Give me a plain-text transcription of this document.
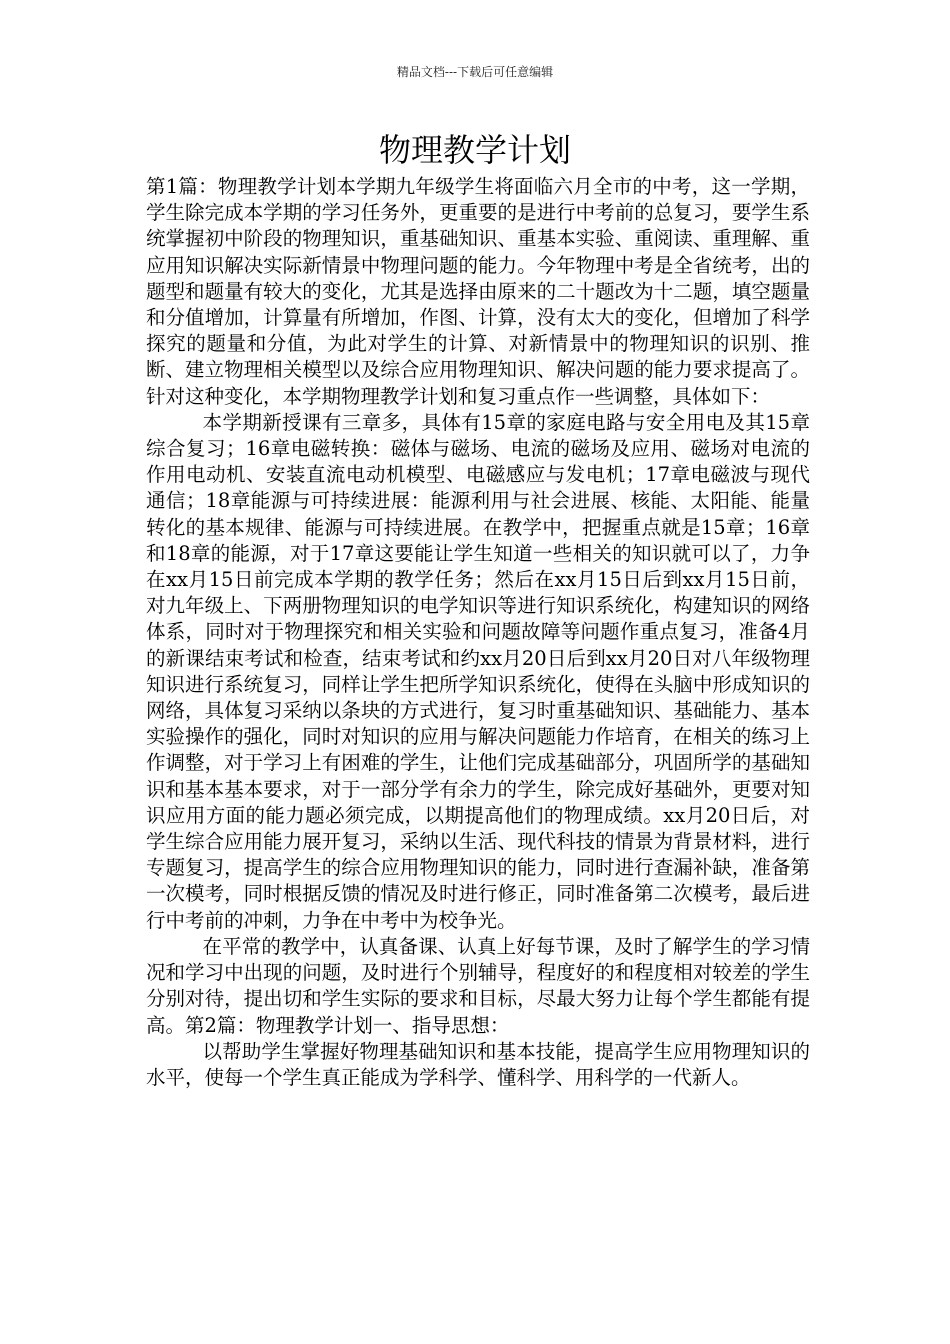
精品文档---下载后可任意编辑
物理教学计划

第1篇：物理教学计划本学期九年级学生将面临六月全市的中考，这一学期，学生除完成本学期的学习任务外，更重要的是进行中考前的总复习，要学生系统掌握初中阶段的物理知识，重基础知识、重基本实验、重阅读、重理解、重应用知识解决实际新情景中物理问题的能力。今年物理中考是全省统考，出的题型和题量有较大的变化，尤其是选择由原来的二十题改为十二题，填空题量和分值增加，计算量有所增加，作图、计算，没有太大的变化，但增加了科学探究的题量和分值，为此对学生的计算、对新情景中的物理知识的识别、推断、建立物理相关模型以及综合应用物理知识、解决问题的能力要求提高了。针对这种变化，本学期物理教学计划和复习重点作一些调整，具体如下：

本学期新授课有三章多，具体有15章的家庭电路与安全用电及其15章综合复习；16章电磁转换：磁体与磁场、电流的磁场及应用、磁场对电流的作用电动机、安装直流电动机模型、电磁感应与发电机；17章电磁波与现代通信；18章能源与可持续进展：能源利用与社会进展、核能、太阳能、能量转化的基本规律、能源与可持续进展。在教学中，把握重点就是15章；16章和18章的能源，对于17章这要能让学生知道一些相关的知识就可以了，力争在xx月15日前完成本学期的教学任务；然后在xx月15日后到xx月15日前，对九年级上、下两册物理知识的电学知识等进行知识系统化，构建知识的网络体系，同时对于物理探究和相关实验和问题故障等问题作重点复习，准备4月的新课结束考试和检查，结束考试和约xx月20日后到xx月20日对八年级物理知识进行系统复习，同样让学生把所学知识系统化，使得在头脑中形成知识的网络，具体复习采纳以条块的方式进行，复习时重基础知识、基础能力、基本实验操作的强化，同时对知识的应用与解决问题能力作培育，在相关的练习上作调整，对于学习上有困难的学生，让他们完成基础部分，巩固所学的基础知识和基本基本要求，对于一部分学有余力的学生，除完成好基础外，更要对知识应用方面的能力题必须完成，以期提高他们的物理成绩。xx月20日后，对学生综合应用能力展开复习，采纳以生活、现代科技的情景为背景材料，进行专题复习，提高学生的综合应用物理知识的能力，同时进行查漏补缺，准备第一次模考，同时根据反馈的情况及时进行修正，同时准备第二次模考，最后进行中考前的冲刺，力争在中考中为校争光。

在平常的教学中，认真备课、认真上好每节课，及时了解学生的学习情况和学习中出现的问题，及时进行个别辅导，程度好的和程度相对较差的学生分别对待，提出切和学生实际的要求和目标，尽最大努力让每个学生都能有提高。第2篇：物理教学计划一、指导思想：

以帮助学生掌握好物理基础知识和基本技能，提高学生应用物理知识的水平，使每一个学生真正能成为学科学、懂科学、用科学的一代新人。
